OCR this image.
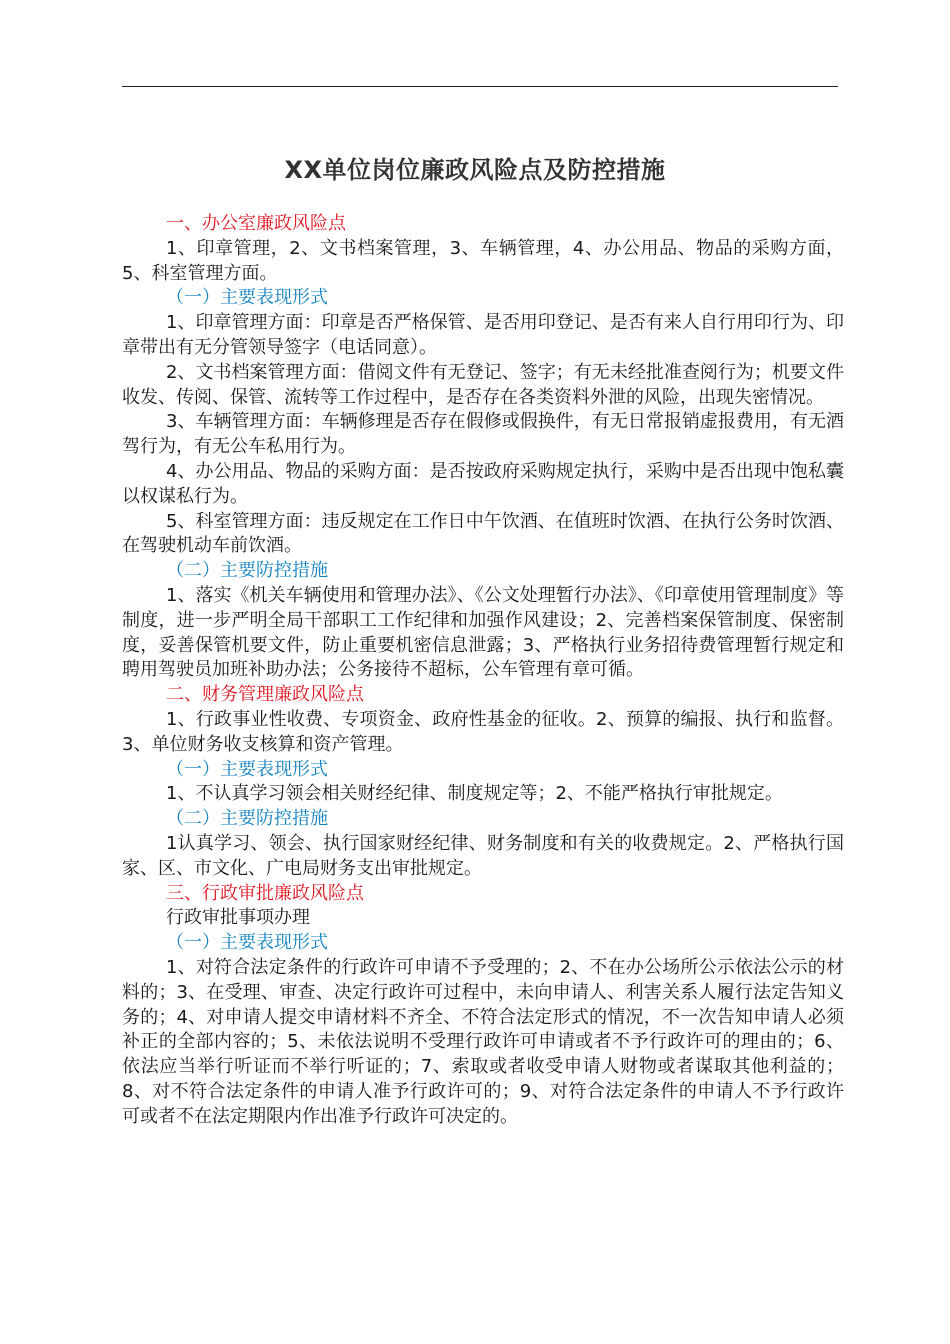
XX单位岗位廉政风险点及防控措施

一、办公室廉政风险点

1、印章管理，2、文书档案管理，3、车辆管理，4、办公用品、物品的采购方面，5、科室管理方面。

（一）主要表现形式

1、印章管理方面：印章是否严格保管、是否用印登记、是否有来人自行用印行为、印章带出有无分管领导签字（电话同意）。

2、文书档案管理方面：借阅文件有无登记、签字；有无未经批准查阅行为；机要文件收发、传阅、保管、流转等工作过程中，是否存在各类资料外泄的风险，出现失密情况。

3、车辆管理方面：车辆修理是否存在假修或假换件，有无日常报销虚报费用，有无酒驾行为，有无公车私用行为。

4、办公用品、物品的采购方面：是否按政府采购规定执行，采购中是否出现中饱私囊以权谋私行为。

5、科室管理方面：违反规定在工作日中午饮酒、在值班时饮酒、在执行公务时饮酒、在驾驶机动车前饮酒。

（二）主要防控措施

1、落实《机关车辆使用和管理办法》、《公文处理暂行办法》、《印章使用管理制度》等制度，进一步严明全局干部职工工作纪律和加强作风建设；2、完善档案保管制度、保密制度，妥善保管机要文件，防止重要机密信息泄露；3、严格执行业务招待费管理暂行规定和聘用驾驶员加班补助办法；公务接待不超标，公车管理有章可循。

二、财务管理廉政风险点

1、行政事业性收费、专项资金、政府性基金的征收。2、预算的编报、执行和监督。3、单位财务收支核算和资产管理。

（一）主要表现形式

1、不认真学习领会相关财经纪律、制度规定等；2、不能严格执行审批规定。

（二）主要防控措施

1认真学习、领会、执行国家财经纪律、财务制度和有关的收费规定。2、严格执行国家、区、市文化、广电局财务支出审批规定。

三、行政审批廉政风险点

行政审批事项办理

（一）主要表现形式

1、对符合法定条件的行政许可申请不予受理的；2、不在办公场所公示依法公示的材料的；3、在受理、审查、决定行政许可过程中，未向申请人、利害关系人履行法定告知义务的；4、对申请人提交申请材料不齐全、不符合法定形式的情况，不一次告知申请人必须补正的全部内容的；5、未依法说明不受理行政许可申请或者不予行政许可的理由的；6、依法应当举行听证而不举行听证的；7、索取或者收受申请人财物或者谋取其他利益的；8、对不符合法定条件的申请人准予行政许可的；9、对符合法定条件的申请人不予行政许可或者不在法定期限内作出准予行政许可决定的。
